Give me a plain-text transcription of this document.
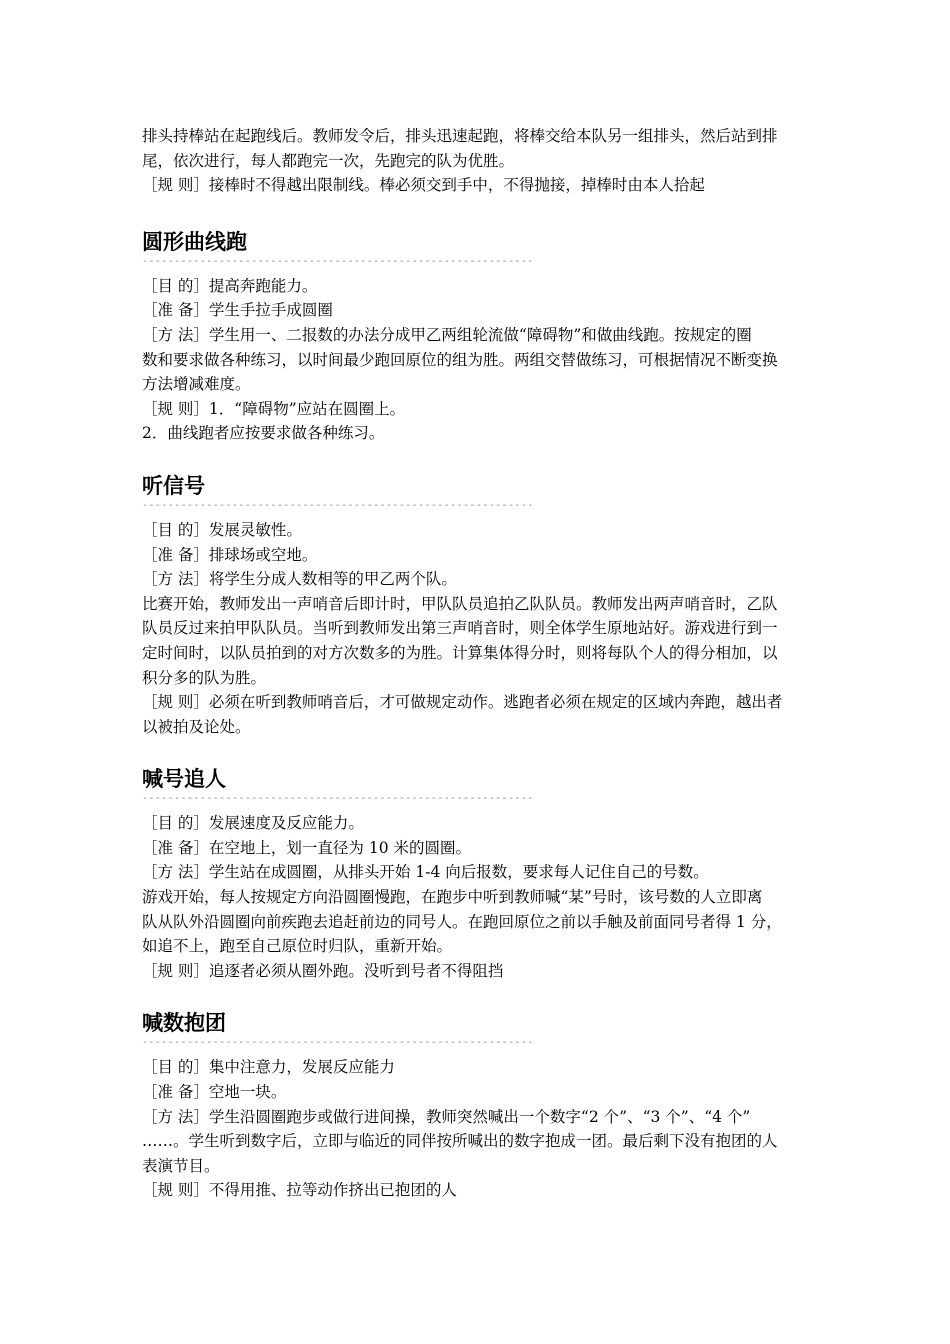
排头持棒站在起跑线后。教师发令后，排头迅速起跑，将棒交给本队另一组排头，然后站到排

尾，依次进行，每人都跑完一次，先跑完的队为优胜。

［规 则］接棒时不得越出限制线。棒必须交到手中，不得抛接，掉棒时由本人拾起

圆形曲线跑

-------------------------------------------------------------

［目 的］提高奔跑能力。

［准 备］学生手拉手成圆圈

［方 法］学生用一、二报数的办法分成甲乙两组轮流做“障碍物”和做曲线跑。按规定的圈

数和要求做各种练习，以时间最少跑回原位的组为胜。两组交替做练习，可根据情况不断变换

方法增减难度。

［规 则］1．“障碍物”应站在圆圈上。

2．曲线跑者应按要求做各种练习。

听信号

-------------------------------------------------------------

［目 的］发展灵敏性。

［准 备］排球场或空地。

［方 法］将学生分成人数相等的甲乙两个队。

比赛开始，教师发出一声哨音后即计时，甲队队员追拍乙队队员。教师发出两声哨音时，乙队

队员反过来拍甲队队员。当听到教师发出第三声哨音时，则全体学生原地站好。游戏进行到一

定时间时，以队员拍到的对方次数多的为胜。计算集体得分时，则将每队个人的得分相加，以

积分多的队为胜。

［规 则］必须在听到教师哨音后，才可做规定动作。逃跑者必须在规定的区域内奔跑，越出者

以被拍及论处。

喊号追人

-------------------------------------------------------------

［目 的］发展速度及反应能力。

［准 备］在空地上，划一直径为 10 米的圆圈。

［方 法］学生站在成圆圈，从排头开始 1-4 向后报数，要求每人记住自己的号数。

游戏开始，每人按规定方向沿圆圈慢跑，在跑步中听到教师喊“某”号时，该号数的人立即离

队从队外沿圆圈向前疾跑去追赶前边的同号人。在跑回原位之前以手触及前面同号者得 1 分，

如追不上，跑至自己原位时归队，重新开始。

［规 则］追逐者必须从圈外跑。没听到号者不得阻挡

喊数抱团

-------------------------------------------------------------

［目 的］集中注意力，发展反应能力

［准 备］空地一块。

［方 法］学生沿圆圈跑步或做行进间操，教师突然喊出一个数字“2 个”、“3 个”、“4 个”

……。学生听到数字后，立即与临近的同伴按所喊出的数字抱成一团。最后剩下没有抱团的人

表演节目。

［规 则］不得用推、拉等动作挤出已抱团的人
